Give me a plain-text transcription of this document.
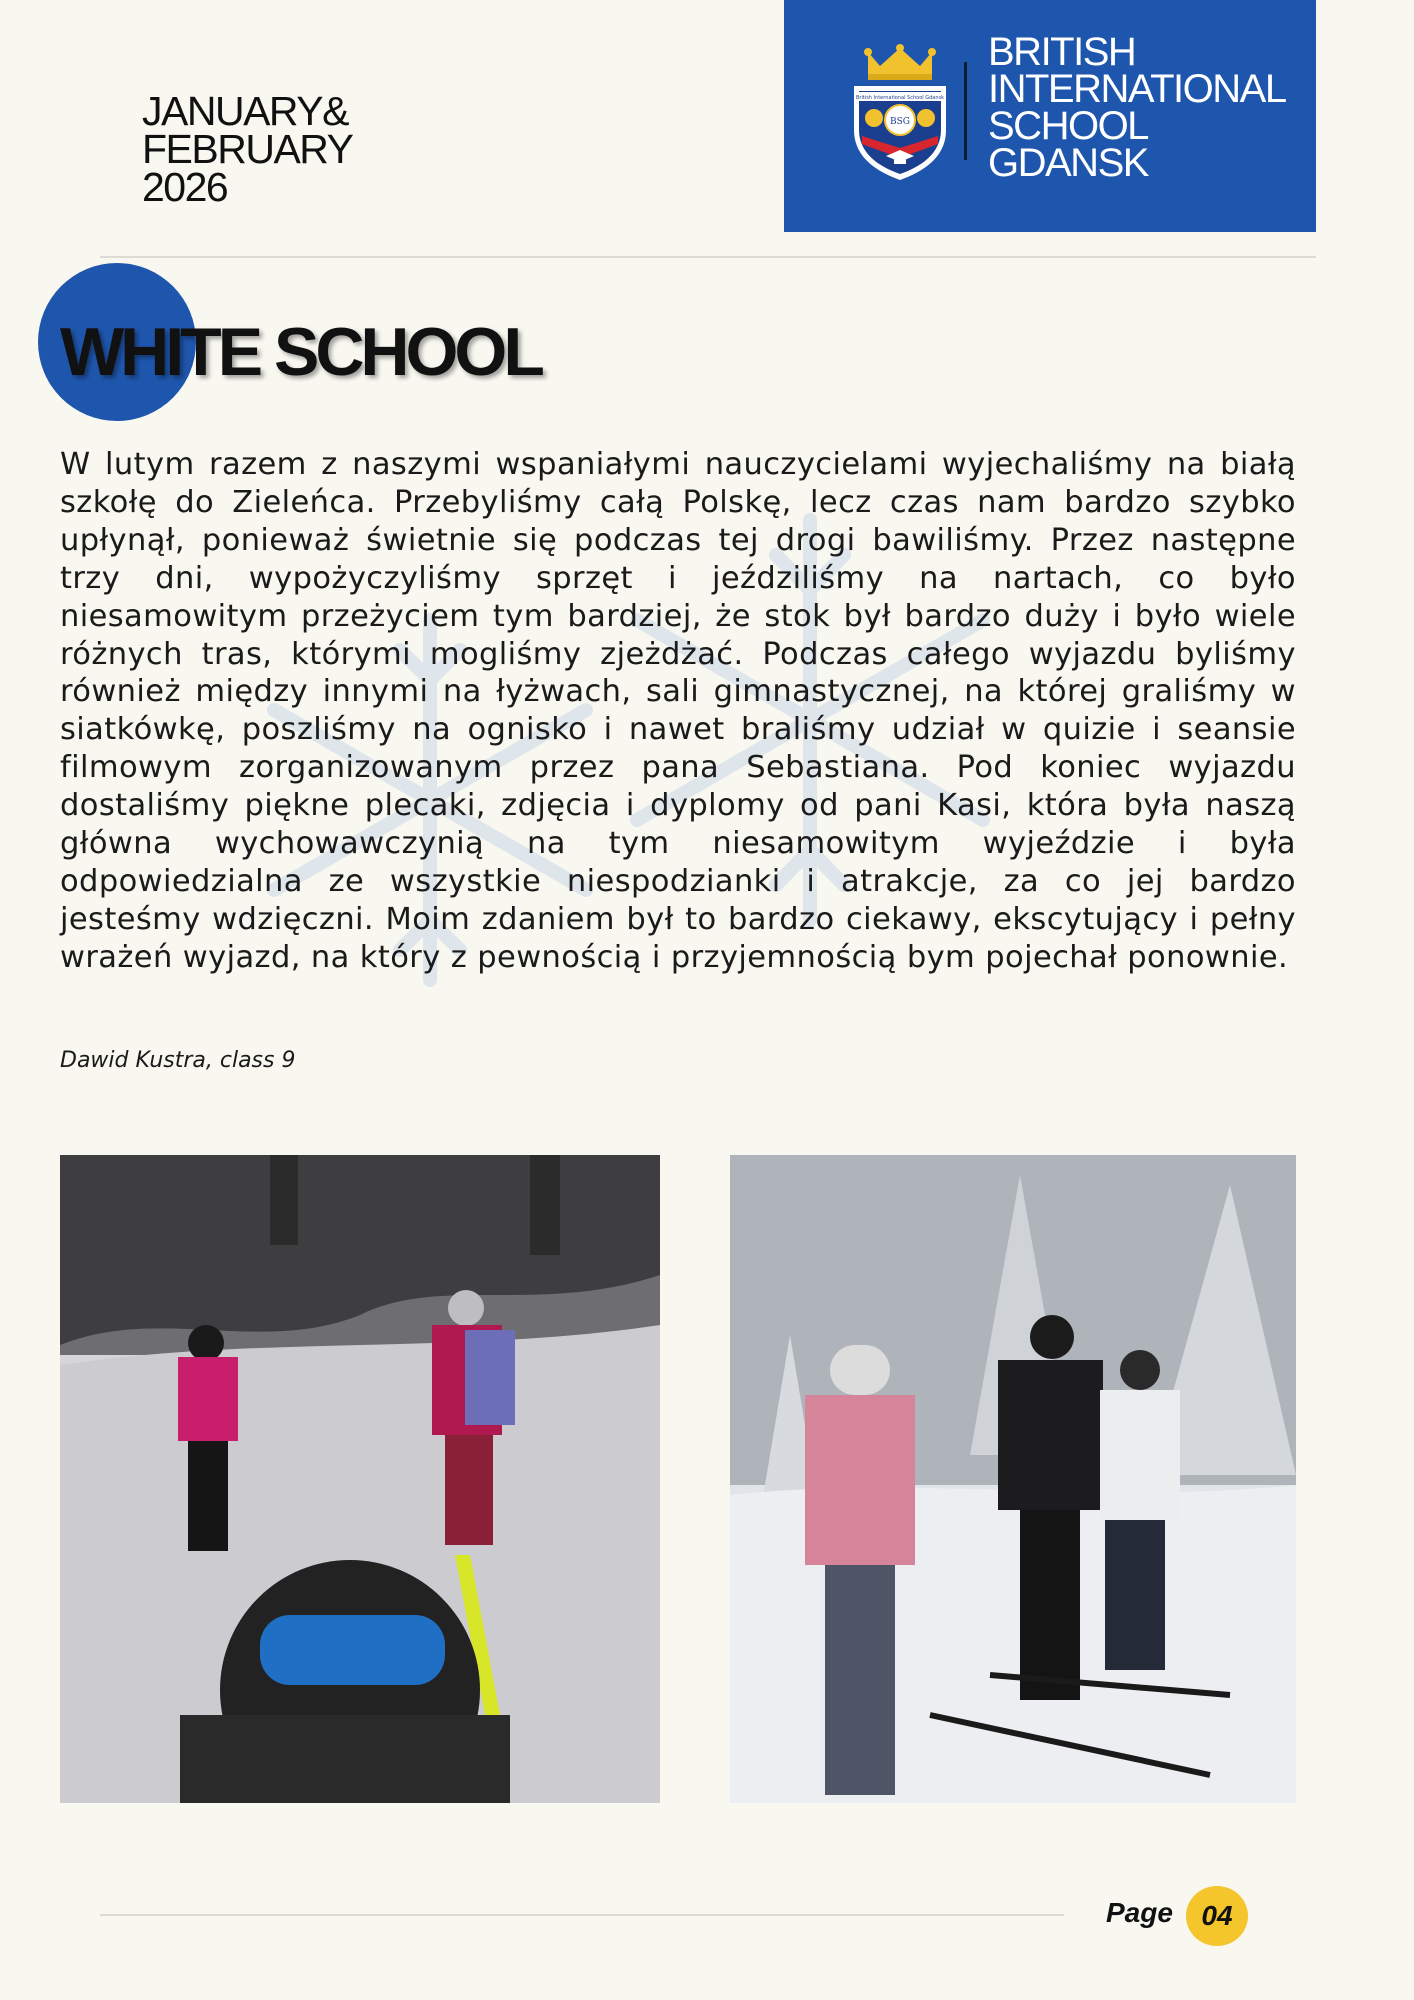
JANUARY&
FEBRUARY
2026
British International School Gdansk
BSG
BRITISH
INTERNATIONAL
SCHOOL
GDANSK
WHITE SCHOOL
W lutym razem z naszymi wspaniałymi nauczycielami wyjechaliśmy na białą szkołę do Zieleńca. Przebyliśmy całą Polskę, lecz czas nam bardzo szybko upłynął, ponieważ świetnie się podczas tej drogi bawiliśmy. Przez następne trzy dni, wypożyczyliśmy sprzęt i jeździliśmy na nartach, co było niesamowitym przeżyciem tym bardziej, że stok był bardzo duży i było wiele różnych tras, którymi mogliśmy zjeżdżać. Podczas całego wyjazdu byliśmy również między innymi na łyżwach, sali gimnastycznej, na której graliśmy w siatkówkę, poszliśmy na ognisko i nawet braliśmy udział w quizie i seansie filmowym zorganizowanym przez pana Sebastiana. Pod koniec wyjazdu dostaliśmy piękne plecaki, zdjęcia i dyplomy od pani Kasi, która była naszą główna wychowawczynią na tym niesamowitym wyjeździe i była odpowiedzialna ze wszystkie niespodzianki i atrakcje, za co jej bardzo jesteśmy wdzięczni. Moim zdaniem był to bardzo ciekawy, ekscytujący i pełny wrażeń wyjazd, na który z pewnością i przyjemnością bym pojechał ponownie.
Dawid Kustra, class 9
Page	04
